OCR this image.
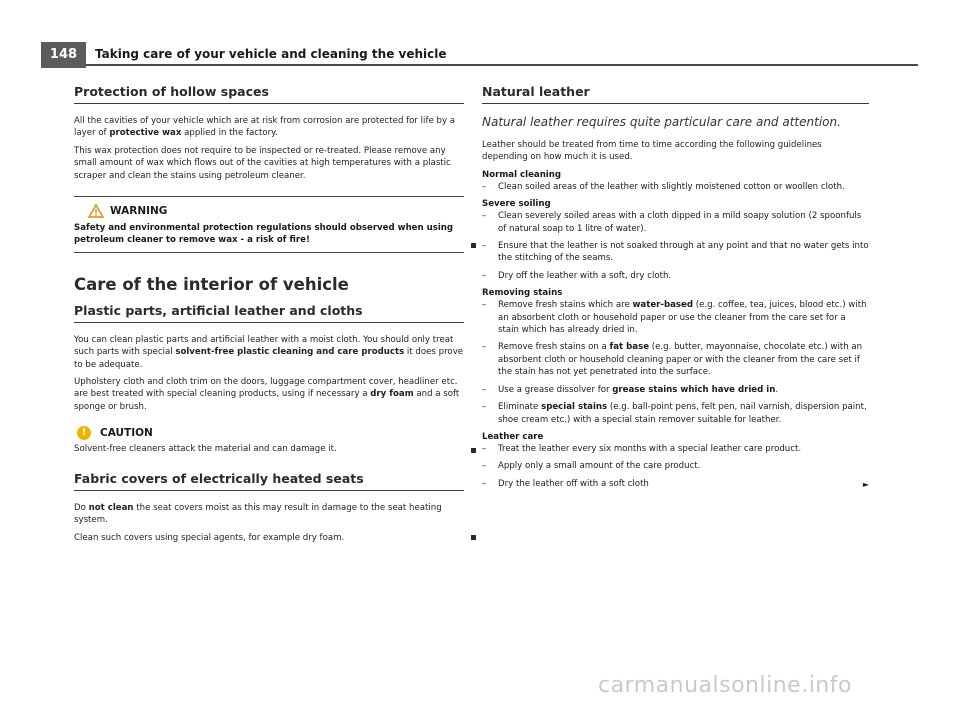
148	Taking care of your vehicle and cleaning the vehicle
Protection of hollow spaces

All the cavities of your vehicle which are at risk from corrosion are protected for life by a layer of protective wax applied in the factory.

This wax protection does not require to be inspected or re-treated. Please remove any small amount of wax which flows out of the cavities at high temperatures with a plastic scraper and clean the stains using petroleum cleaner.

WARNING
Safety and environmental protection regulations should observed when using petroleum cleaner to remove wax - a risk of fire!
Care of the interior of vehicle
Plastic parts, artificial leather and cloths

You can clean plastic parts and artificial leather with a moist cloth. You should only treat such parts with special solvent-free plastic cleaning and care products it does prove to be adequate.

Upholstery cloth and cloth trim on the doors, luggage compartment cover, headliner etc. are best treated with special cleaning products, using if necessary a dry foam and a soft sponge or brush.

!	CAUTION

Solvent-free cleaners attack the material and can damage it.

Fabric covers of electrically heated seats

Do not clean the seat covers moist as this may result in damage to the seat heating system.

Clean such covers using special agents, for example dry foam.

Natural leather
Natural leather requires quite particular care and attention.

Leather should be treated from time to time according the following guidelines depending on how much it is used.

Normal cleaning
– Clean soiled areas of the leather with slightly moistened cotton or woollen cloth.
Severe soiling
– Clean severely soiled areas with a cloth dipped in a mild soapy solution (2 spoonfuls of natural soap to 1 litre of water).
– Ensure that the leather is not soaked through at any point and that no water gets into the stitching of the seams.
– Dry off the leather with a soft, dry cloth.
Removing stains
– Remove fresh stains which are water-based (e.g. coffee, tea, juices, blood etc.) with an absorbent cloth or household paper or use the cleaner from the care set for a stain which has already dried in.
– Remove fresh stains on a fat base (e.g. butter, mayonnaise, chocolate etc.) with an absorbent cloth or household cleaning paper or with the cleaner from the care set if the stain has not yet penetrated into the surface.
– Use a grease dissolver for grease stains which have dried in.
– Eliminate special stains (e.g. ball-point pens, felt pen, nail varnish, dispersion paint, shoe cream etc.) with a special stain remover suitable for leather.
Leather care
– Treat the leather every six months with a special leather care product.
– Apply only a small amount of the care product.
– Dry the leather off with a soft cloth	►
carmanualsonline.info
